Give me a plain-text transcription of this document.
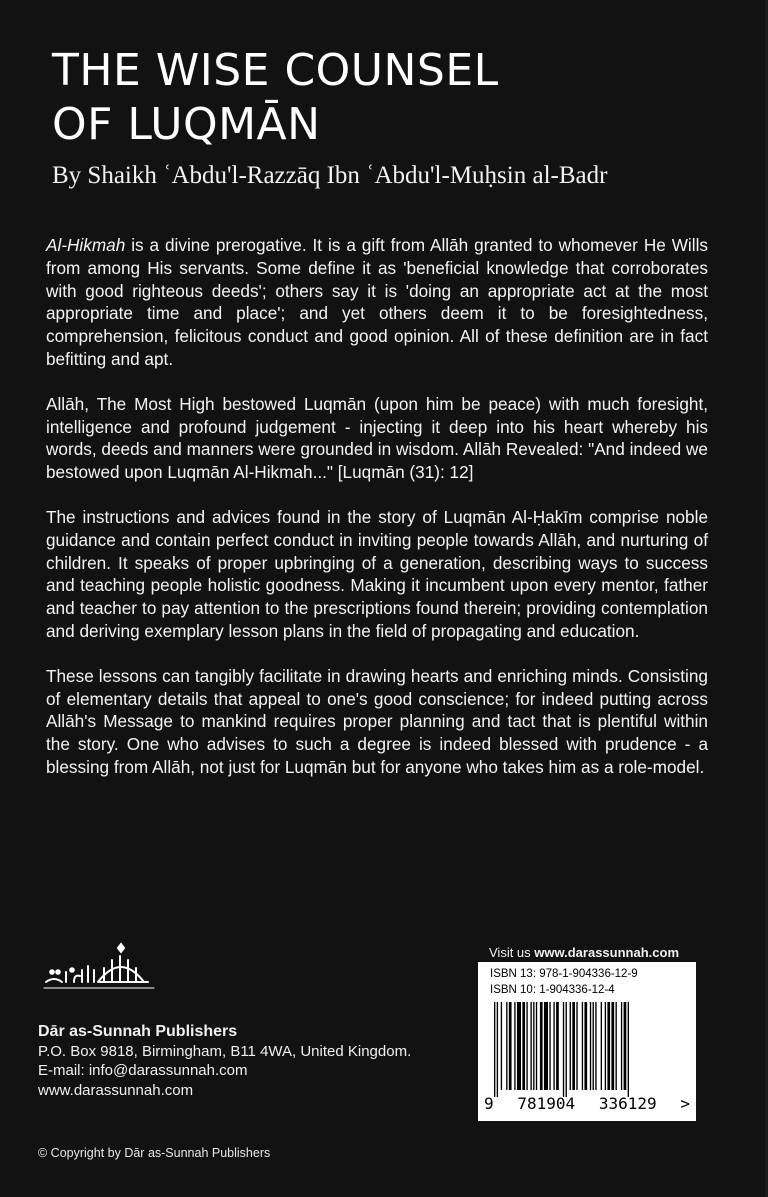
THE WISE COUNSEL
OF LUQMĀN

By Shaikh ʿAbdu'l-Razzāq Ibn ʿAbdu'l-Muḥsin al-Badr

Al-Hikmah is a divine prerogative. It is a gift from Allāh granted to whomever He Wills from among His servants. Some define it as 'beneficial knowledge that corroborates with good righteous deeds'; others say it is 'doing an appropriate act at the most appropriate time and place'; and yet others deem it to be foresightedness, comprehension, felicitous conduct and good opinion. All of these definition are in fact befitting and apt.

Allāh, The Most High bestowed Luqmān (upon him be peace) with much foresight, intelligence and profound judgement - injecting it deep into his heart whereby his words, deeds and manners were grounded in wisdom. Allāh Revealed: "And indeed we bestowed upon Luqmān Al-Hikmah..." [Luqmān (31): 12]

The instructions and advices found in the story of Luqmān Al-Ḥakīm comprise noble guidance and contain perfect conduct in inviting people towards Allāh, and nurturing of children. It speaks of proper upbringing of a generation, describing ways to success and teaching people holistic goodness. Making it incumbent upon every mentor, father and teacher to pay attention to the prescriptions found therein; providing contemplation and deriving exemplary lesson plans in the field of propagating and education.

These lessons can tangibly facilitate in drawing hearts and enriching minds. Consisting of elementary details that appeal to one's good conscience; for indeed putting across Allāh's Message to mankind requires proper planning and tact that is plentiful within the story. One who advises to such a degree is indeed blessed with prudence - a blessing from Allāh, not just for Luqmān but for anyone who takes him as a role-model.

Dār as-Sunnah Publishers
P.O. Box 9818, Birmingham, B11 4WA, United Kingdom.
E-mail: info@darassunnah.com
www.darassunnah.com
© Copyright by Dār as-Sunnah Publishers
Visit us www.darassunnah.com
ISBN 13: 978-1-904336-12-9
ISBN 10: 1-904336-12-4
9 781904 336129 >
